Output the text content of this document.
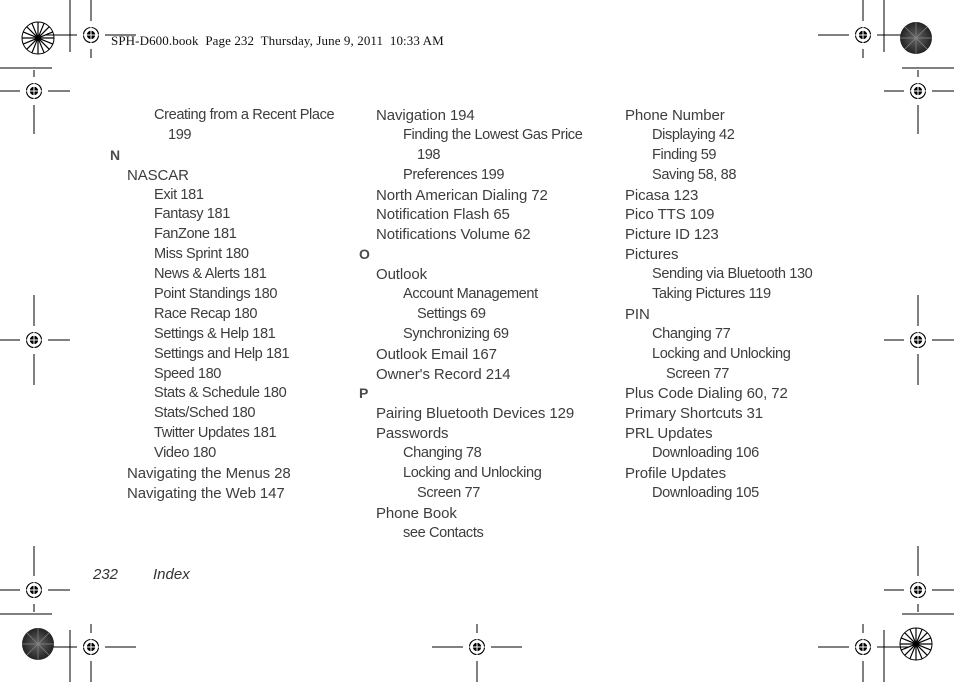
SPH-D600.book  Page 232  Thursday, June 9, 2011  10:33 AM
Creating from a Recent Place
199
N
NASCAR
Exit 181
Fantasy 181
FanZone 181
Miss Sprint 180
News & Alerts 181
Point Standings 180
Race Recap 180
Settings & Help 181
Settings and Help 181
Speed 180
Stats & Schedule 180
Stats/Sched 180
Twitter Updates 181
Video 180
Navigating the Menus 28
Navigating the Web 147
Navigation 194
Finding the Lowest Gas Price
198
Preferences 199
North American Dialing 72
Notification Flash 65
Notifications Volume 62
O
Outlook
Account Management
Settings 69
Synchronizing 69
Outlook Email 167
Owner's Record 214
P
Pairing Bluetooth Devices 129
Passwords
Changing 78
Locking and Unlocking
Screen 77
Phone Book
see Contacts
Phone Number
Displaying 42
Finding 59
Saving 58, 88
Picasa 123
Pico TTS 109
Picture ID 123
Pictures
Sending via Bluetooth 130
Taking Pictures 119
PIN
Changing 77
Locking and Unlocking
Screen 77
Plus Code Dialing 60, 72
Primary Shortcuts 31
PRL Updates
Downloading 106
Profile Updates
Downloading 105
232 Index
